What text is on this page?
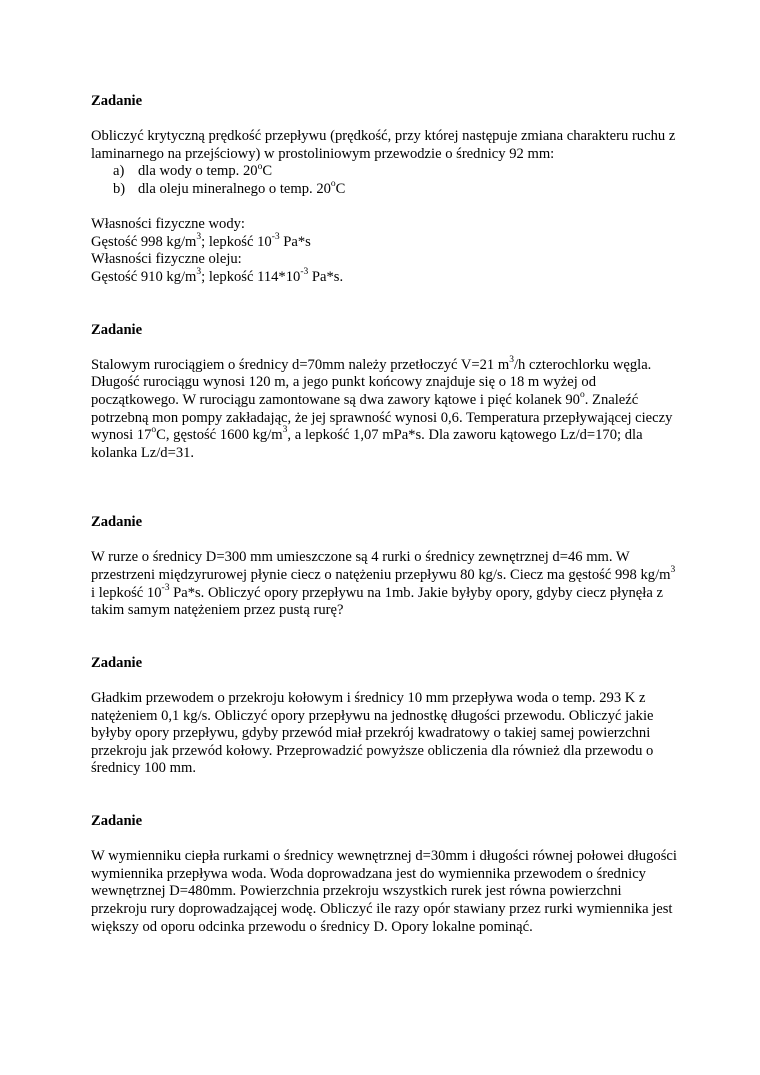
Zadanie
Obliczyć krytyczną prędkość przepływu (prędkość, przy której następuje zmiana charakteru ruchu z laminarnego na przejściowy) w prostoliniowym przewodzie o średnicy 92 mm:
a) dla wody o temp. 20$^o$C
b) dla oleju mineralnego o temp. 20$^o$C
Własności fizyczne wody:
Gęstość 998 $kg/m^3$; lepkość $10^{-3}$ Pa*s
Własności fizyczne oleju:
Gęstość 910 $kg/m^3$; lepkość $114*10^{-3}$ Pa*s.
Zadanie
Stalowym rurociągiem o średnicy d=70mm należy przetłoczyć V=21 $m^3/h$ czterochlorku węgla. Długość rurociągu wynosi 120 m, a jego punkt końcowy znajduje się o 18 m wyżej od początkowego. W rurociągu zamontowane są dwa zawory kątowe i pięć kolanek 90$^o$. Znaleźć potrzebną mon pompy zakładając, że jej sprawność wynosi 0,6. Temperatura przepływającej cieczy wynosi 17$^o$C, gęstość 1600 $kg/m^3$, a lepkość 1,07 mPa*s. Dla zaworu kątowego Lz/d=170; dla kolanka Lz/d=31.
Zadanie
W rurze o średnicy D=300 mm umieszczone są 4 rurki o średnicy zewnętrznej d=46 mm. W przestrzeni międzyrurowej płynie ciecz o natężeniu przepływu 80 kg/s. Ciecz ma gęstość 998 $kg/m^3$ i lepkość $10^{-3}$ Pa*s. Obliczyć opory przepływu na 1mb. Jakie byłyby opory, gdyby ciecz płynęła z takim samym natężeniem przez pustą rurę?
Zadanie
Gładkim przewodem o przekroju kołowym i średnicy 10 mm przepływa woda o temp. 293 K z natężeniem 0,1 kg/s. Obliczyć opory przepływu na jednostkę długości przewodu. Obliczyć jakie byłyby opory przepływu, gdyby przewód miał przekrój kwadratowy o takiej samej powierzchni przekroju jak przewód kołowy. Przeprowadzić powyższe obliczenia dla również dla przewodu o średnicy 100 mm.
Zadanie
W wymienniku ciepła rurkami o średnicy wewnętrznej d=30mm i długości równej połowei długości wymiennika przepływa woda. Woda doprowadzana jest do wymiennika przewodem o średnicy wewnętrznej D=480mm. Powierzchnia przekroju wszystkich rurek jest równa powierzchni przekroju rury doprowadzającej wodę. Obliczyć ile razy opór stawiany przez rurki wymiennika jest większy od oporu odcinka przewodu o średnicy D. Opory lokalne pominąć.
